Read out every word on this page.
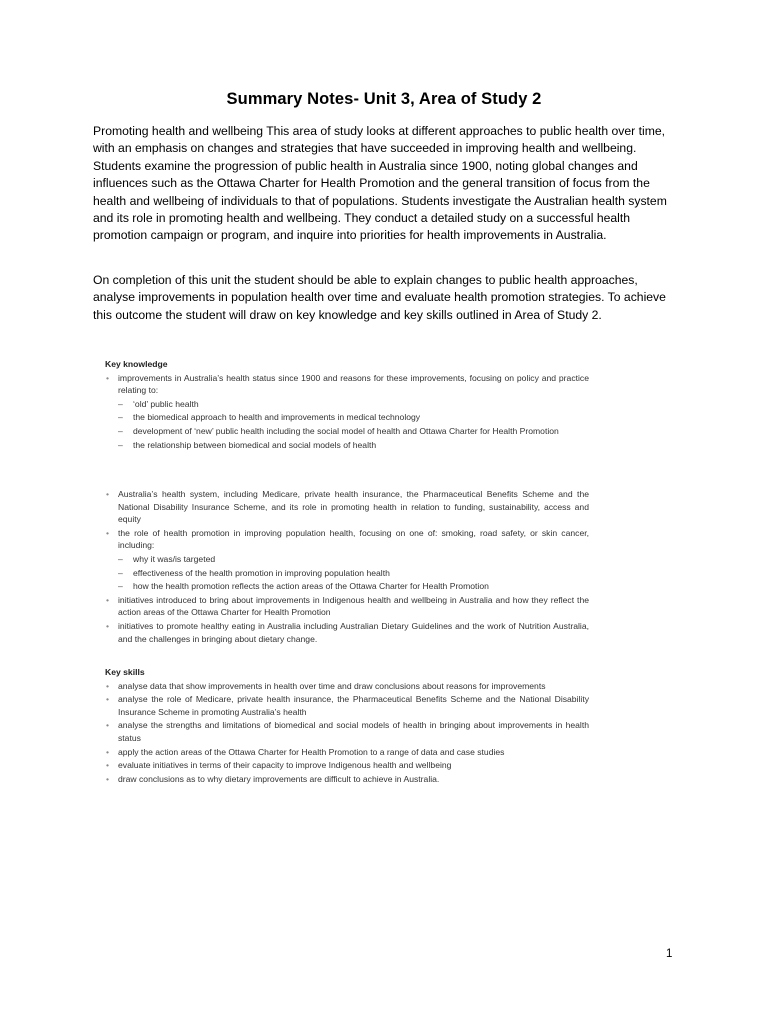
Summary Notes- Unit 3, Area of Study 2

Promoting health and wellbeing This area of study looks at different approaches to public health over time, with an emphasis on changes and strategies that have succeeded in improving health and wellbeing. Students examine the progression of public health in Australia since 1900, noting global changes and influences such as the Ottawa Charter for Health Promotion and the general transition of focus from the health and wellbeing of individuals to that of populations. Students investigate the Australian health system and its role in promoting health and wellbeing. They conduct a detailed study on a successful health promotion campaign or program, and inquire into priorities for health improvements in Australia.

On completion of this unit the student should be able to explain changes to public health approaches, analyse improvements in population health over time and evaluate health promotion strategies. To achieve this outcome the student will draw on key knowledge and key skills outlined in Area of Study 2.

Key knowledge
• improvements in Australia’s health status since 1900 and reasons for these improvements, focusing on policy and practice relating to:
– ‘old’ public health
– the biomedical approach to health and improvements in medical technology
– development of ‘new’ public health including the social model of health and Ottawa Charter for Health Promotion
– the relationship between biomedical and social models of health
• Australia’s health system, including Medicare, private health insurance, the Pharmaceutical Benefits Scheme and the National Disability Insurance Scheme, and its role in promoting health in relation to funding, sustainability, access and equity
• the role of health promotion in improving population health, focusing on one of: smoking, road safety, or skin cancer, including:
– why it was/is targeted
– effectiveness of the health promotion in improving population health
– how the health promotion reflects the action areas of the Ottawa Charter for Health Promotion
• initiatives introduced to bring about improvements in Indigenous health and wellbeing in Australia and how they reflect the action areas of the Ottawa Charter for Health Promotion
• initiatives to promote healthy eating in Australia including Australian Dietary Guidelines and the work of Nutrition Australia, and the challenges in bringing about dietary change.
Key skills
• analyse data that show improvements in health over time and draw conclusions about reasons for improvements
• analyse the role of Medicare, private health insurance, the Pharmaceutical Benefits Scheme and the National Disability Insurance Scheme in promoting Australia’s health
• analyse the strengths and limitations of biomedical and social models of health in bringing about improvements in health status
• apply the action areas of the Ottawa Charter for Health Promotion to a range of data and case studies
• evaluate initiatives in terms of their capacity to improve Indigenous health and wellbeing
• draw conclusions as to why dietary improvements are difficult to achieve in Australia.
1
